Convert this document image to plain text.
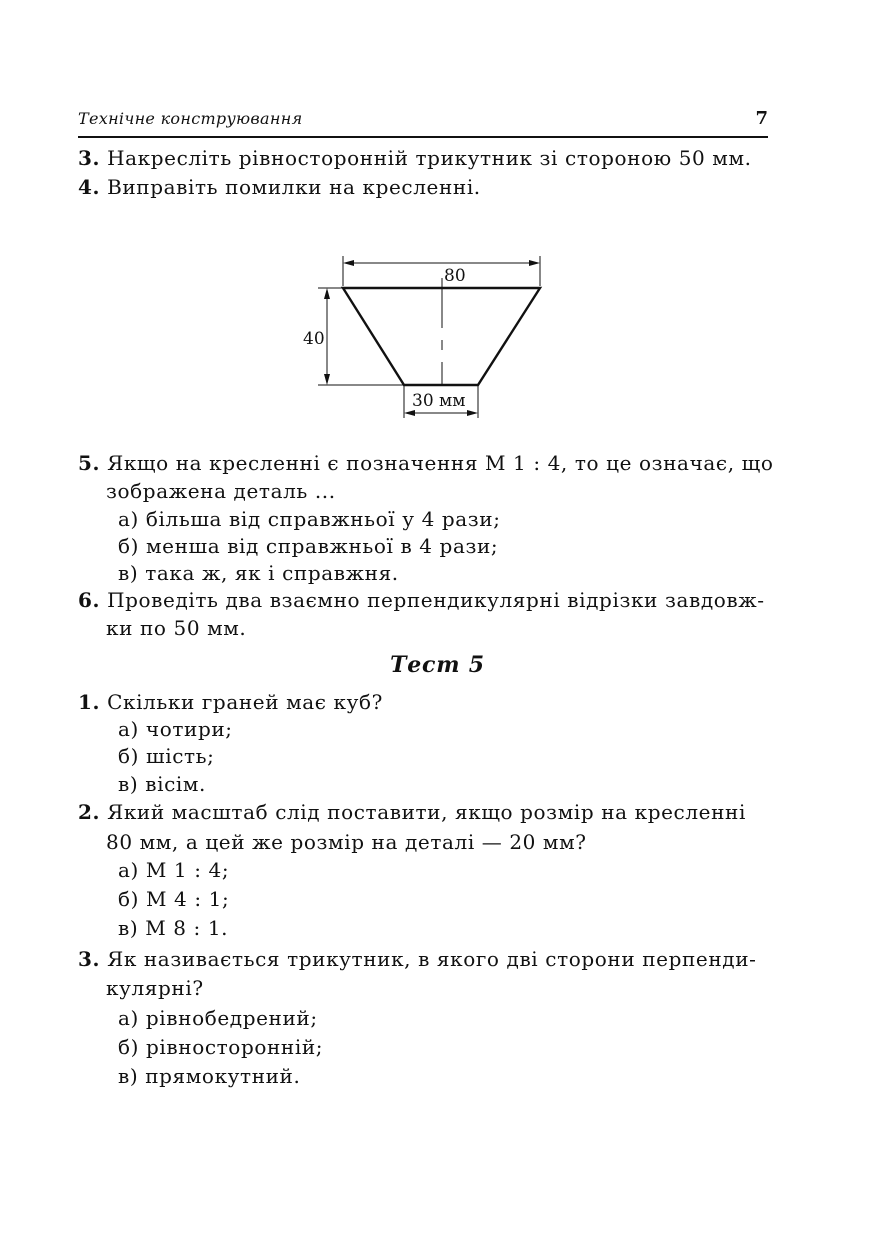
Технічне конструювання	7
3. Накресліть рівносторонній трикутник зі стороною 50 мм.
4. Виправіть помилки на кресленні.
80
40
30 мм
5. Якщо на кресленні є позначення М 1 : 4, то це означає, що
зображена деталь ...
а) більша від справжньої у 4 рази;
б) менша від справжньої в 4 рази;
в) така ж, як і справжня.
6. Проведіть два взаємно перпендикулярні відрізки завдовж-
ки по 50 мм.
Тест 5
1. Скільки граней має куб?
а) чотири;
б) шість;
в) вісім.
2. Який масштаб слід поставити, якщо розмір на кресленні
80 мм, а цей же розмір на деталі — 20 мм?
а) М 1 : 4;
б) М 4 : 1;
в) М 8 : 1.
3. Як називається трикутник, в якого дві сторони перпенди-
кулярні?
а) рівнобедрений;
б) рівносторонній;
в) прямокутний.
